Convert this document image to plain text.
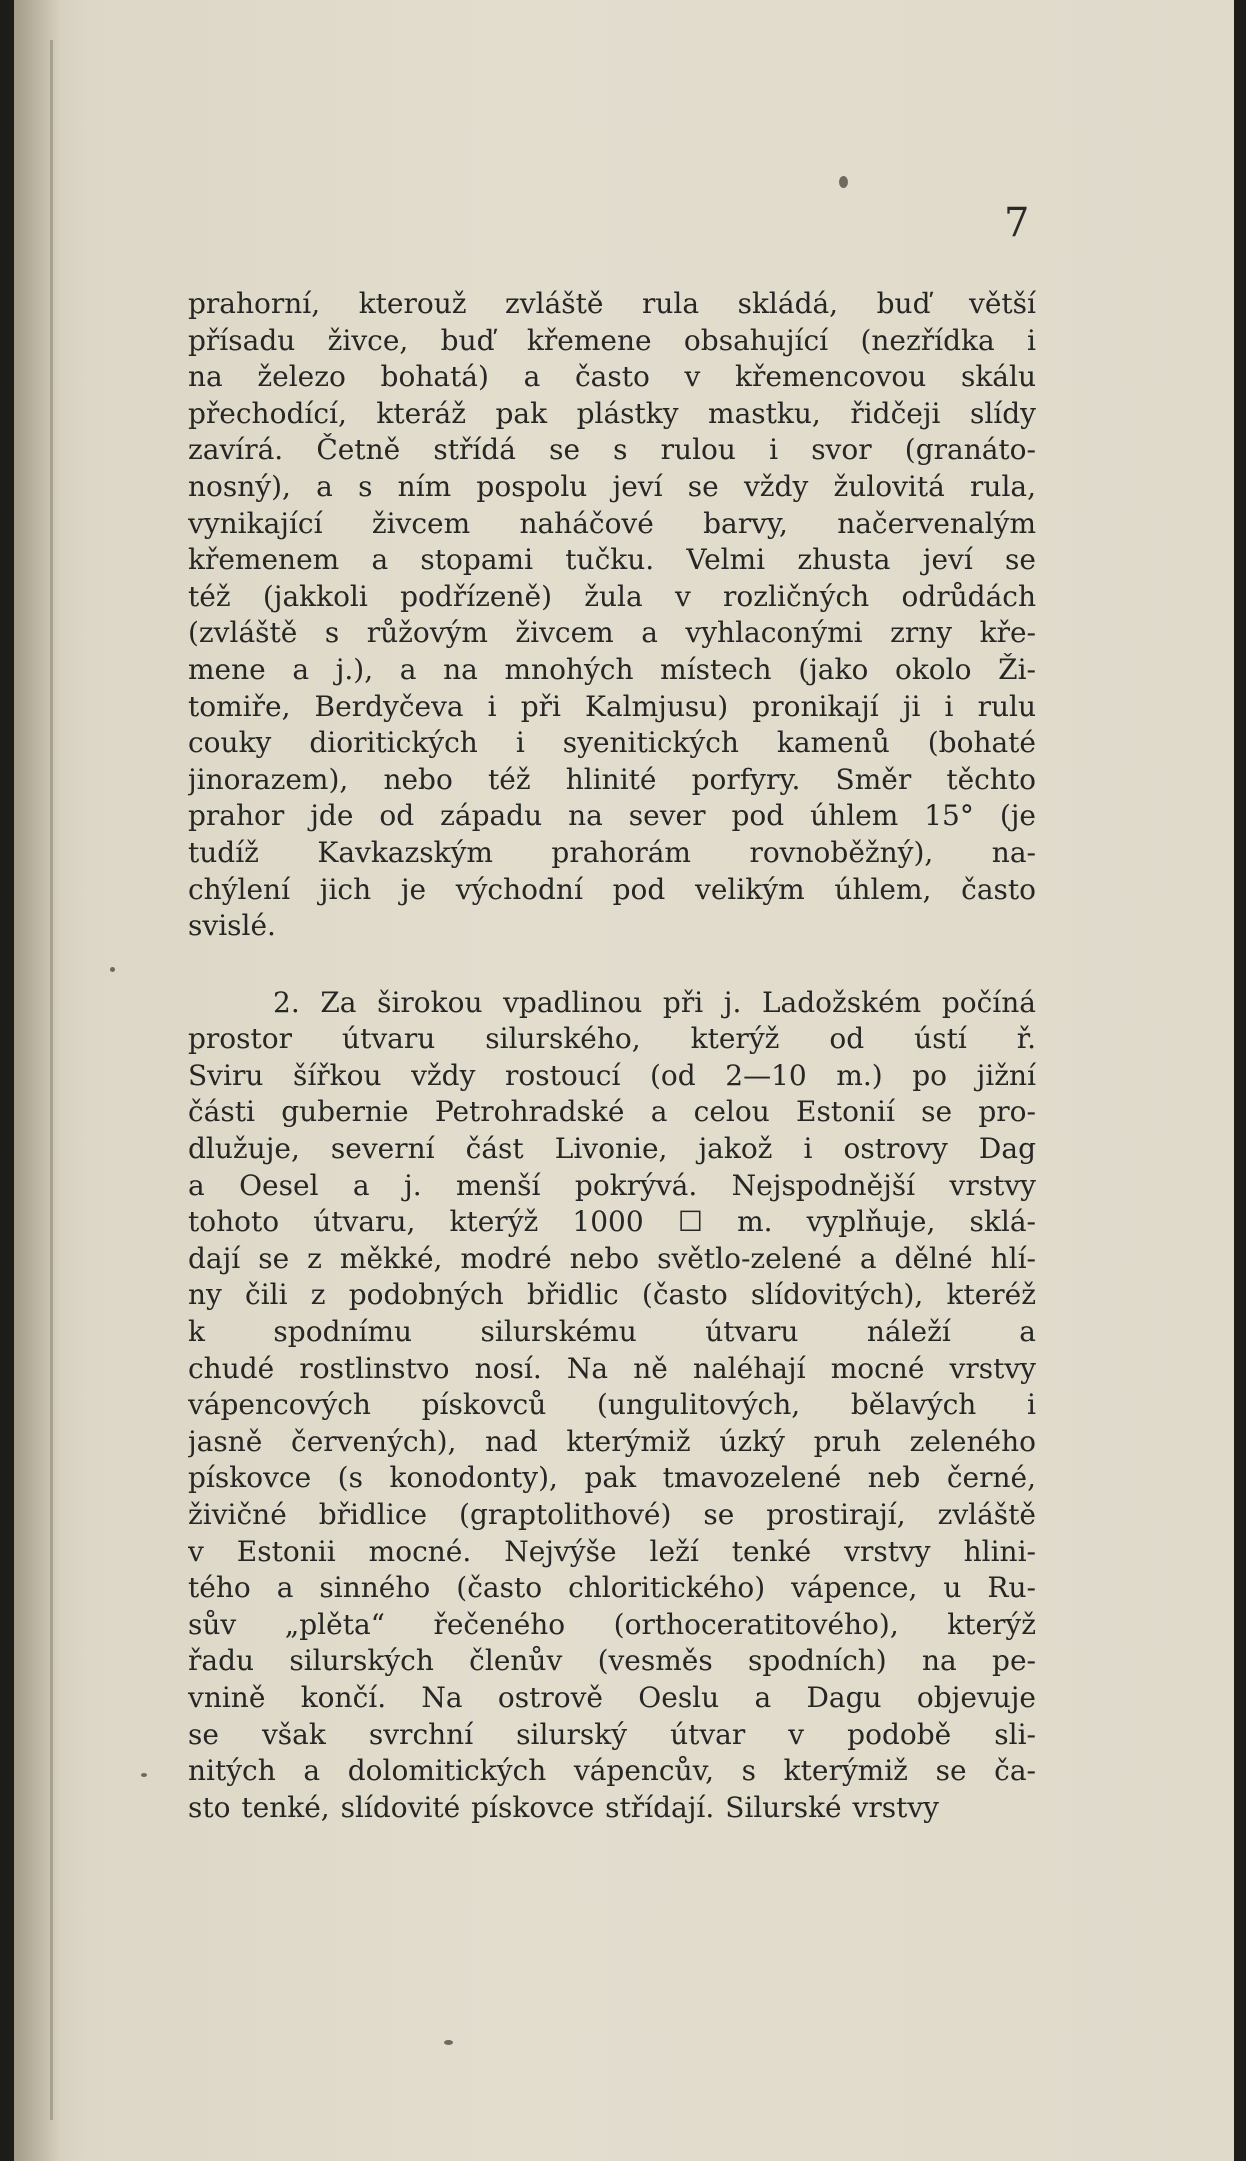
7
prahorní, kterouž zvláště rula skládá, buď větší
přísadu živce, buď křemene obsahující (nezřídka i
na železo bohatá) a často v křemencovou skálu
přechodící, kteráž pak plástky mastku, řidčeji slídy
zavírá. Četně střídá se s rulou i svor (granáto-
nosný), a s ním pospolu jeví se vždy žulovitá rula,
vynikající živcem naháčové barvy, načervenalým
křemenem a stopami tučku. Velmi zhusta jeví se
též (jakkoli podřízeně) žula v rozličných odrůdách
(zvláště s růžovým živcem a vyhlaconými zrny kře-
mene a j.), a na mnohých místech (jako okolo Ži-
tomiře, Berdyčeva i při Kalmjusu) pronikají ji i rulu
couky dioritických i syenitických kamenů (bohaté
jinorazem), nebo též hlinité porfyry. Směr těchto
prahor jde od západu na sever pod úhlem 15° (je
tudíž Kavkazským prahorám rovnoběžný), na-
chýlení jich je východní pod velikým úhlem, často
svislé.
2. Za širokou vpadlinou při j. Ladožském počíná
prostor útvaru silurského, kterýž od ústí ř.
Sviru šířkou vždy rostoucí (od 2—10 m.) po jižní
části gubernie Petrohradské a celou Estonií se pro-
dlužuje, severní část Livonie, jakož i ostrovy Dag
a Oesel a j. menší pokrývá. Nejspodnější vrstvy
tohoto útvaru, kterýž 1000 ☐ m. vyplňuje, sklá-
dají se z měkké, modré nebo světlo-zelené a dělné hlí-
ny čili z podobných břidlic (často slídovitých), kteréž
k spodnímu silurskému útvaru náleží a
chudé rostlinstvo nosí. Na ně naléhají mocné vrstvy
vápencových pískovců (ungulitových, bělavých i
jasně červených), nad kterýmiž úzký pruh zeleného
pískovce (s konodonty), pak tmavozelené neb černé,
živičné břidlice (graptolithové) se prostirají, zvláště
v Estonii mocné. Nejvýše leží tenké vrstvy hlini-
tého a sinného (často chloritického) vápence, u Ru-
sův „plěta“ řečeného (orthoceratitového), kterýž
řadu silurských členův (vesměs spodních) na pe-
vnině končí. Na ostrově Oeslu a Dagu objevuje
se však svrchní silurský útvar v podobě sli-
nitých a dolomitických vápencův, s kterýmiž se ča-
sto tenké, slídovité pískovce střídají. Silurské vrstvy
